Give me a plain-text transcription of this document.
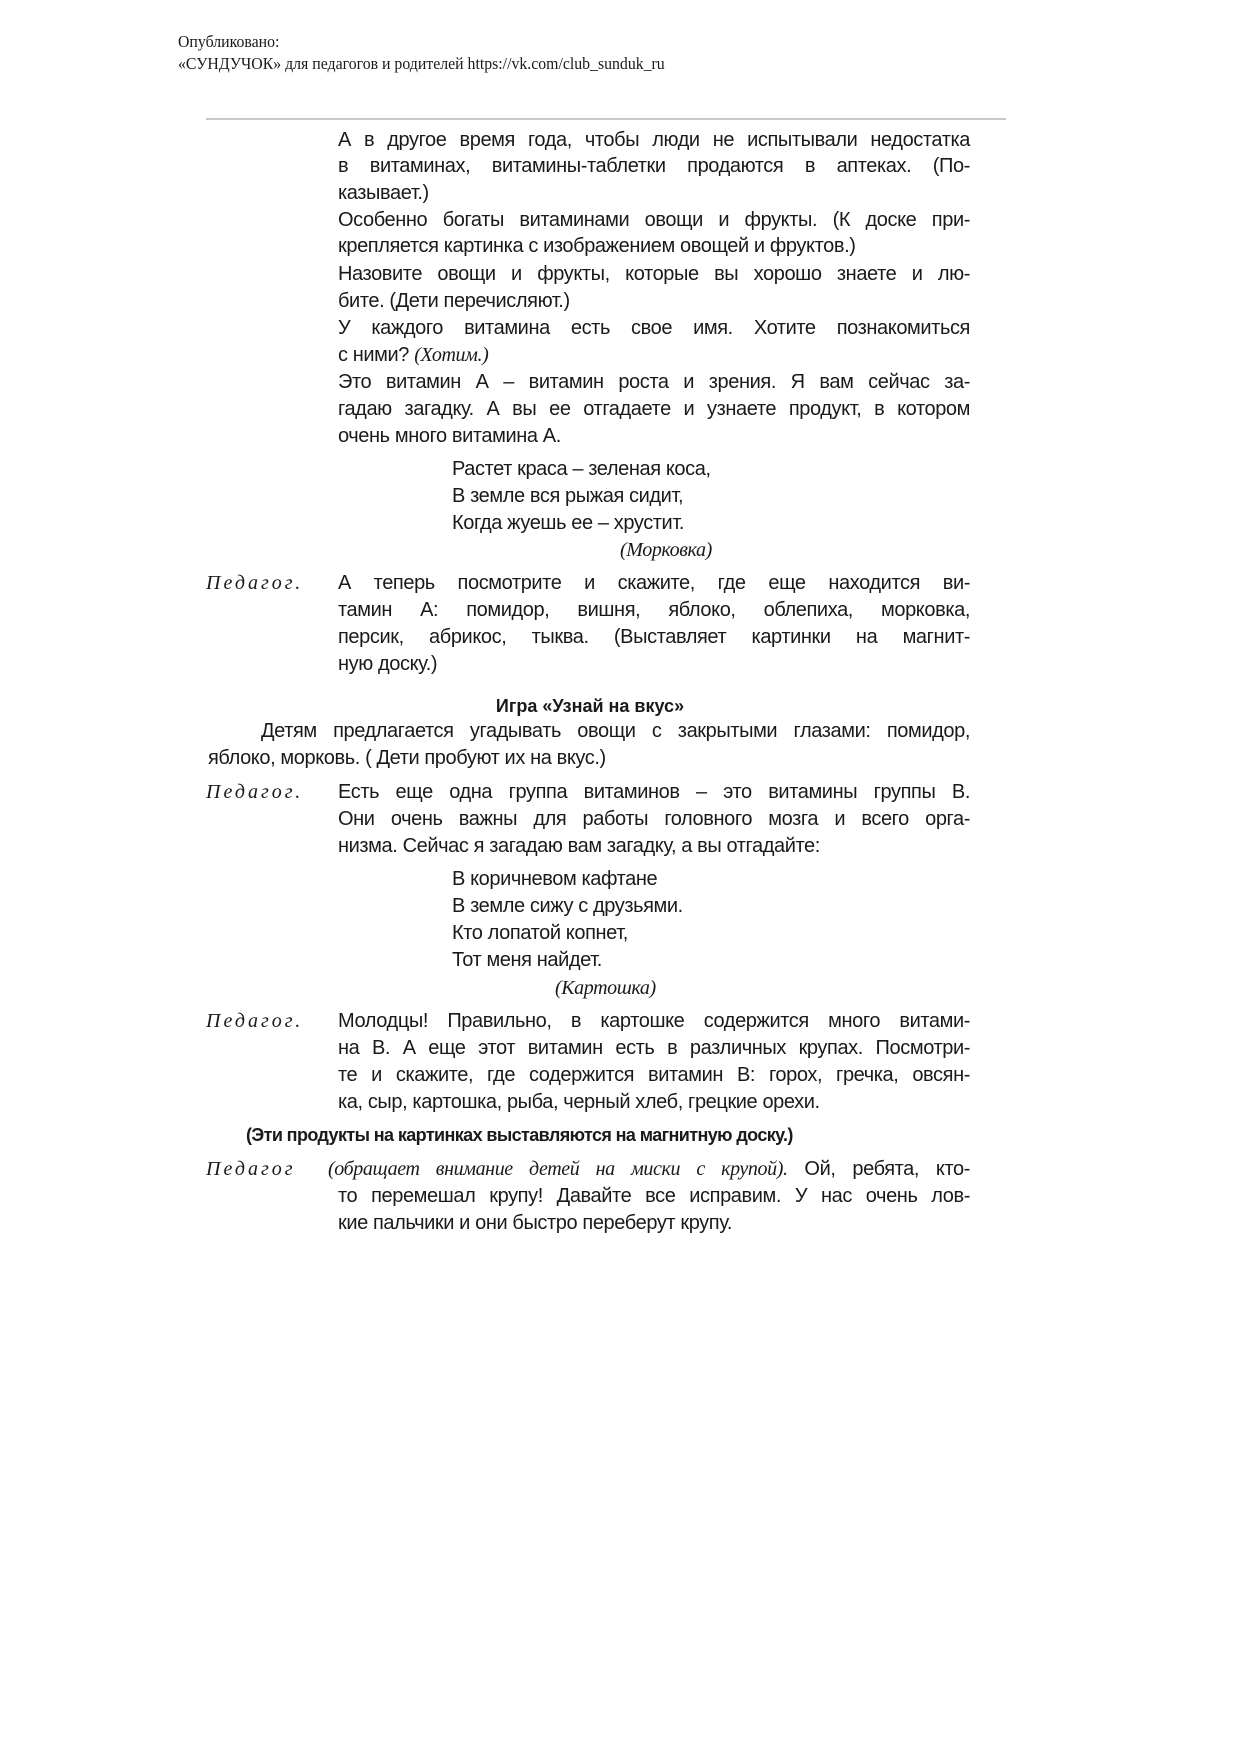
Опубликовано:
«СУНДУЧОК» для педагогов и родителей https://vk.com/club_sunduk_ru
А в другое время года, чтобы люди не испытывали недостатка
в витаминах, витамины-таблетки продаются в аптеках. (По-
казывает.)
Особенно богаты витаминами овощи и фрукты. (К доске при-
крепляется картинка с изображением овощей и фруктов.)
Назовите овощи и фрукты, которые вы хорошо знаете и лю-
бите. (Дети перечисляют.)
У каждого витамина есть свое имя. Хотите познакомиться
с ними? (Хотим.)
Это витамин А – витамин роста и зрения. Я вам сейчас за-
гадаю загадку. А вы ее отгадаете и узнаете продукт, в котором
очень много витамина А.
Растет краса – зеленая коса,
В земле вся рыжая сидит,
Когда жуешь ее – хрустит.
(Морковка)
Педагог. А теперь посмотрите и скажите, где еще находится ви-
тамин А: помидор, вишня, яблоко, облепиха, морковка,
персик, абрикос, тыква. (Выставляет картинки на магнит-
ную доску.)
Игра «Узнай на вкус»
Детям предлагается угадывать овощи с закрытыми глазами: помидор,
яблоко, морковь. ( Дети пробуют их на вкус.)
Педагог. Есть еще одна группа витаминов – это витамины группы В.
Они очень важны для работы головного мозга и всего орга-
низма. Сейчас я загадаю вам загадку, а вы отгадайте:
В коричневом кафтане
В земле сижу с друзьями.
Кто лопатой копнет,
Тот меня найдет.
(Картошка)
Педагог. Молодцы! Правильно, в картошке содержится много витами-
на В. А еще этот витамин есть в различных крупах. Посмотри-
те и скажите, где содержится витамин В: горох, гречка, овсян-
ка, сыр, картошка, рыба, черный хлеб, грецкие орехи.
(Эти продукты на картинках выставляются на магнитную доску.)
Педагог (обращает внимание детей на миски с крупой). Ой, ребята, кто-
то перемешал крупу! Давайте все исправим. У нас очень лов-
кие пальчики и они быстро переберут крупу.
